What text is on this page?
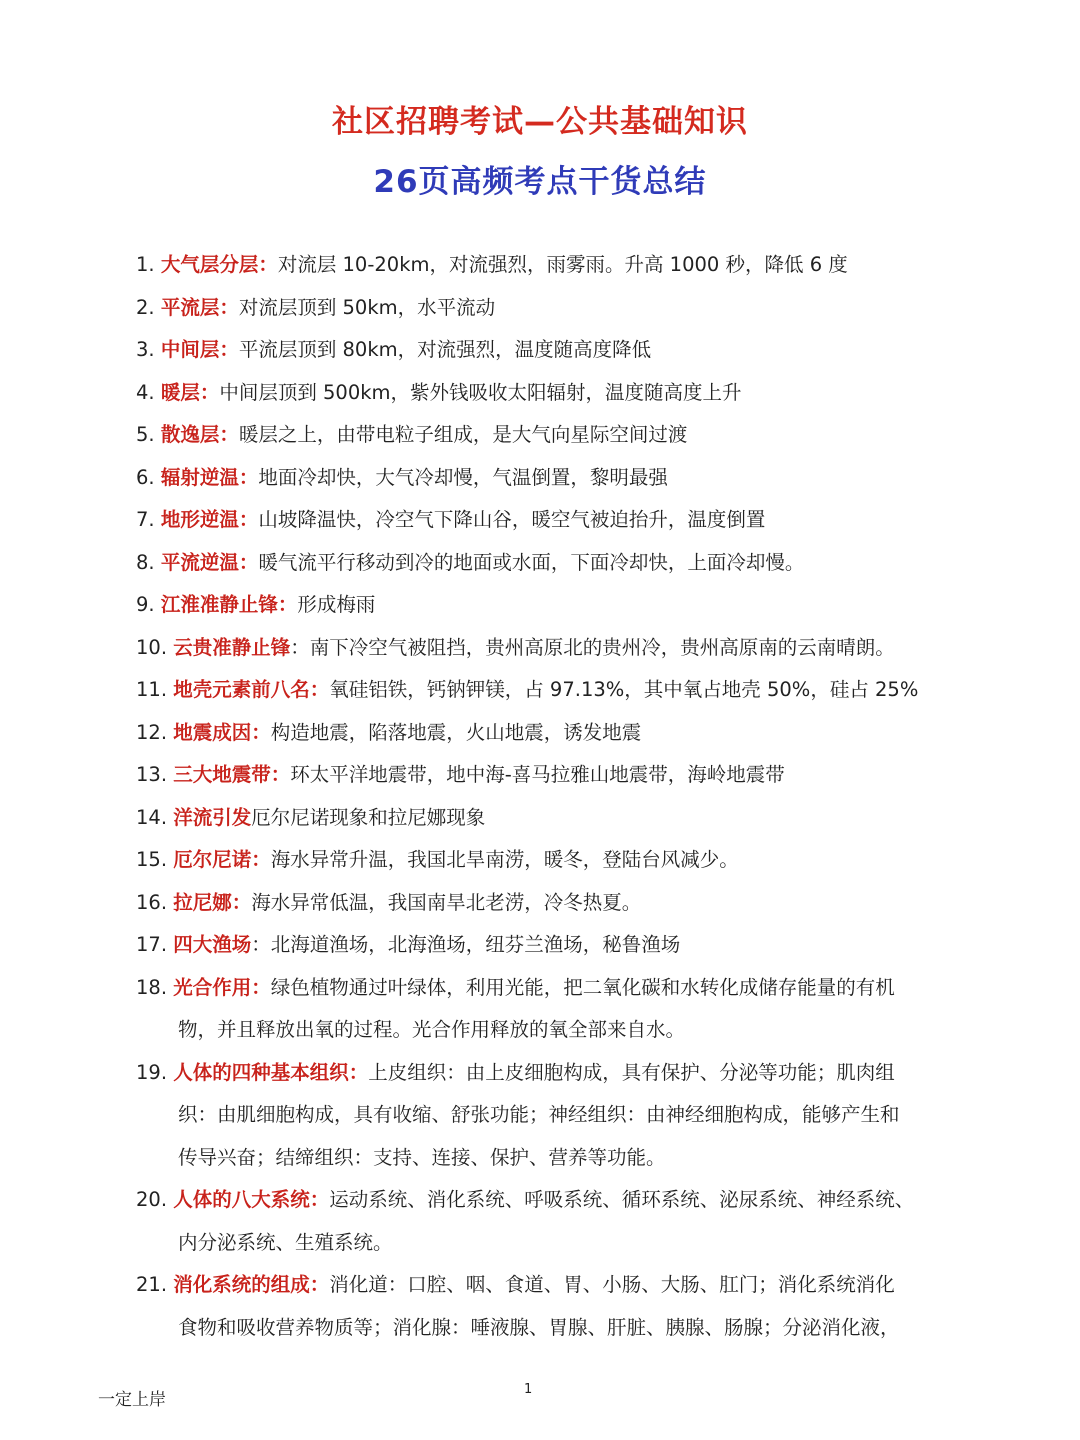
社区招聘考试—公共基础知识
26页高频考点干货总结
1. 大气层分层：对流层 10-20km，对流强烈，雨雾雨。升高 1000 秒，降低 6 度
2. 平流层：对流层顶到 50km，水平流动
3. 中间层：平流层顶到 80km，对流强烈，温度随高度降低
4. 暖层：中间层顶到 500km，紫外钱吸收太阳辐射，温度随高度上升
5. 散逸层：暖层之上，由带电粒子组成，是大气向星际空间过渡
6. 辐射逆温：地面冷却快，大气冷却慢，气温倒置，黎明最强
7. 地形逆温：山坡降温快，冷空气下降山谷，暖空气被迫抬升，温度倒置
8. 平流逆温：暖气流平行移动到冷的地面或水面，下面冷却快，上面冷却慢。
9. 江淮准静止锋：形成梅雨
10. 云贵准静止锋：南下冷空气被阻挡，贵州高原北的贵州冷，贵州高原南的云南晴朗。
11. 地壳元素前八名：氧硅铝铁，钙钠钾镁，占 97.13%，其中氧占地壳 50%，硅占 25%
12. 地震成因：构造地震，陷落地震，火山地震，诱发地震
13. 三大地震带：环太平洋地震带，地中海-喜马拉雅山地震带，海岭地震带
14. 洋流引发厄尔尼诺现象和拉尼娜现象
15. 厄尔尼诺：海水异常升温，我国北旱南涝，暖冬，登陆台风减少。
16. 拉尼娜：海水异常低温，我国南旱北老涝，冷冬热夏。
17. 四大渔场：北海道渔场，北海渔场，纽芬兰渔场，秘鲁渔场
18. 光合作用：绿色植物通过叶绿体，利用光能，把二氧化碳和水转化成储存能量的有机
物，并且释放出氧的过程。光合作用释放的氧全部来自水。
19. 人体的四种基本组织：上皮组织：由上皮细胞构成，具有保护、分泌等功能；肌肉组
织：由肌细胞构成，具有收缩、舒张功能；神经组织：由神经细胞构成，能够产生和
传导兴奋；结缔组织：支持、连接、保护、营养等功能。
20. 人体的八大系统：运动系统、消化系统、呼吸系统、循环系统、泌尿系统、神经系统、
内分泌系统、生殖系统。
21. 消化系统的组成：消化道：口腔、咽、食道、胃、小肠、大肠、肛门；消化系统消化
食物和吸收营养物质等；消化腺：唾液腺、胃腺、肝脏、胰腺、肠腺；分泌消化液，
一定上岸
1
